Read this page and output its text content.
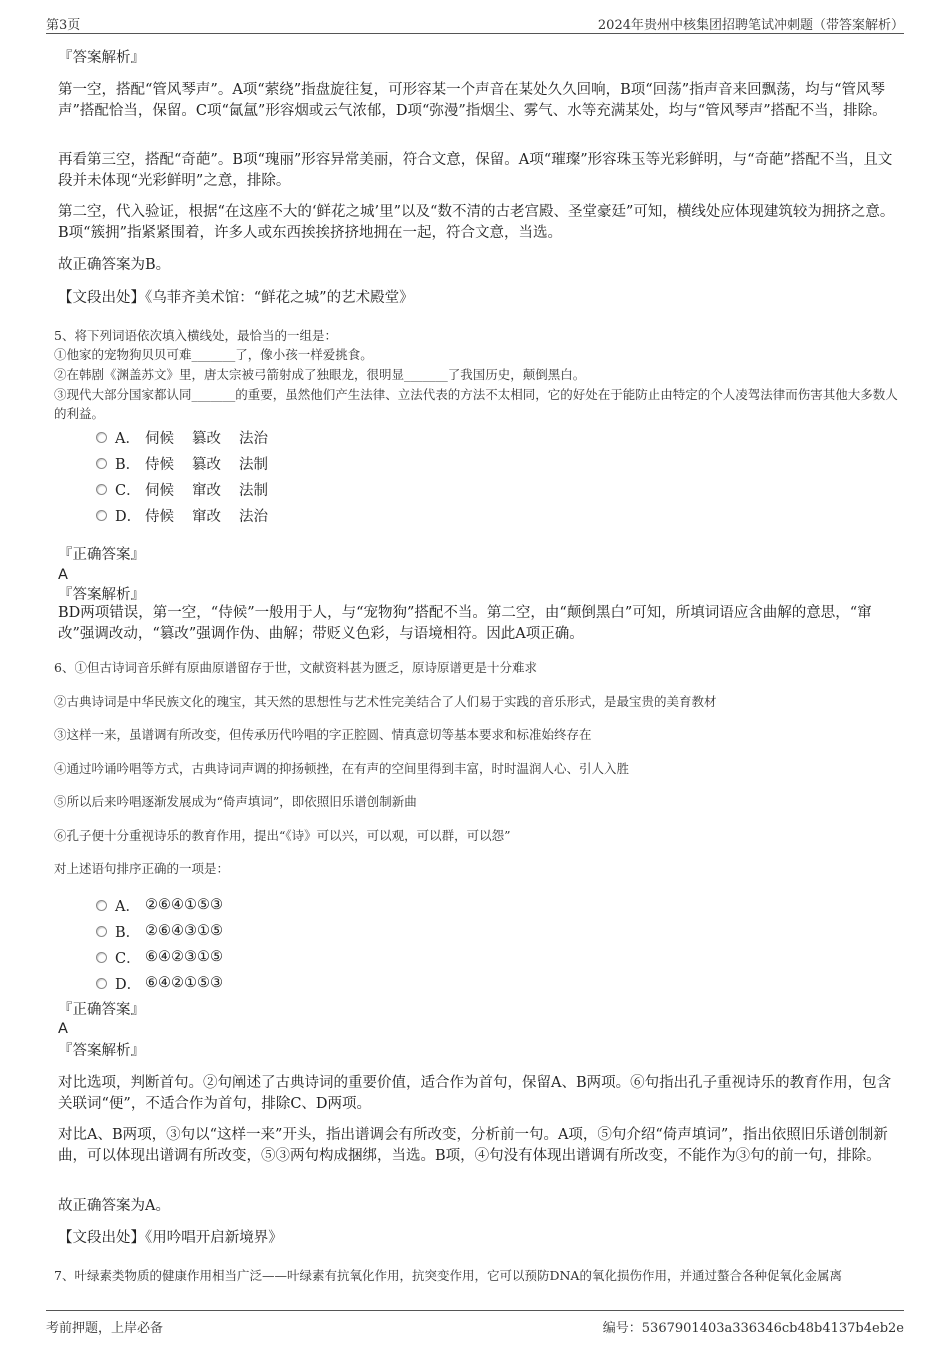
第3页	2024年贵州中核集团招聘笔试冲刺题（带答案解析）
『答案解析』
第一空，搭配“管风琴声”。A项“萦绕”指盘旋往复，可形容某一个声音在某处久久回响，B项“回荡”指声音来回飘荡，均与“管风琴声”搭配恰当，保留。C项“氤氲”形容烟或云气浓郁，D项“弥漫”指烟尘、雾气、水等充满某处，均与“管风琴声”搭配不当，排除。
再看第三空，搭配“奇葩”。B项“瑰丽”形容异常美丽，符合文意，保留。A项“璀璨”形容珠玉等光彩鲜明，与“奇葩”搭配不当，且文段并未体现“光彩鲜明”之意，排除。
第二空，代入验证，根据“在这座不大的‘鲜花之城’里”以及“数不清的古老宫殿、圣堂豪廷”可知，横线处应体现建筑较为拥挤之意。B项“簇拥”指紧紧围着，许多人或东西挨挨挤挤地拥在一起，符合文意，当选。
故正确答案为B。
【文段出处】《乌菲齐美术馆：“鲜花之城”的艺术殿堂》
5、将下列词语依次填入横线处，最恰当的一组是：
①他家的宠物狗贝贝可难_______了，像小孩一样爱挑食。
②在韩剧《渊盖苏文》里，唐太宗被弓箭射成了独眼龙，很明显_______了我国历史，颠倒黑白。
③现代大部分国家都认同_______的重要，虽然他们产生法律、立法代表的方法不太相同，它的好处在于能防止由特定的个人凌驾法律而伤害其他大多数人的利益。
A． 伺候 篡改 法治
B． 侍候 篡改 法制
C． 伺候 窜改 法制
D． 侍候 窜改 法治
『正确答案』
A
『答案解析』
BD两项错误，第一空，“侍候”一般用于人，与“宠物狗”搭配不当。第二空，由“颠倒黑白”可知，所填词语应含曲解的意思，“窜改”强调改动，“篡改”强调作伪、曲解；带贬义色彩，与语境相符。因此A项正确。
6、①但古诗词音乐鲜有原曲原谱留存于世，文献资料甚为匮乏，原诗原谱更是十分难求
②古典诗词是中华民族文化的瑰宝，其天然的思想性与艺术性完美结合了人们易于实践的音乐形式，是最宝贵的美育教材
③这样一来，虽谱调有所改变，但传承历代吟唱的字正腔圆、情真意切等基本要求和标准始终存在
④通过吟诵吟唱等方式，古典诗词声调的抑扬顿挫，在有声的空间里得到丰富，时时温润人心、引人入胜
⑤所以后来吟唱逐渐发展成为“倚声填词”，即依照旧乐谱创制新曲
⑥孔子便十分重视诗乐的教育作用，提出“《诗》可以兴，可以观，可以群，可以怨”
对上述语句排序正确的一项是：
A． ②⑥④①⑤③
B． ②⑥④③①⑤
C． ⑥④②③①⑤
D． ⑥④②①⑤③
『正确答案』
A
『答案解析』
对比选项，判断首句。②句阐述了古典诗词的重要价值，适合作为首句，保留A、B两项。⑥句指出孔子重视诗乐的教育作用，包含关联词“便”，不适合作为首句，排除C、D两项。
对比A、B两项，③句以“这样一来”开头，指出谱调会有所改变，分析前一句。A项，⑤句介绍“倚声填词”，指出依照旧乐谱创制新曲，可以体现出谱调有所改变，⑤③两句构成捆绑，当选。B项，④句没有体现出谱调有所改变，不能作为③句的前一句，排除。
故正确答案为A。
【文段出处】《用吟唱开启新境界》
7、叶绿素类物质的健康作用相当广泛——叶绿素有抗氧化作用，抗突变作用，它可以预防DNA的氧化损伤作用，并通过螯合各种促氧化金属离
考前押题，上岸必备	编号：5367901403a336346cb48b4137b4eb2e
